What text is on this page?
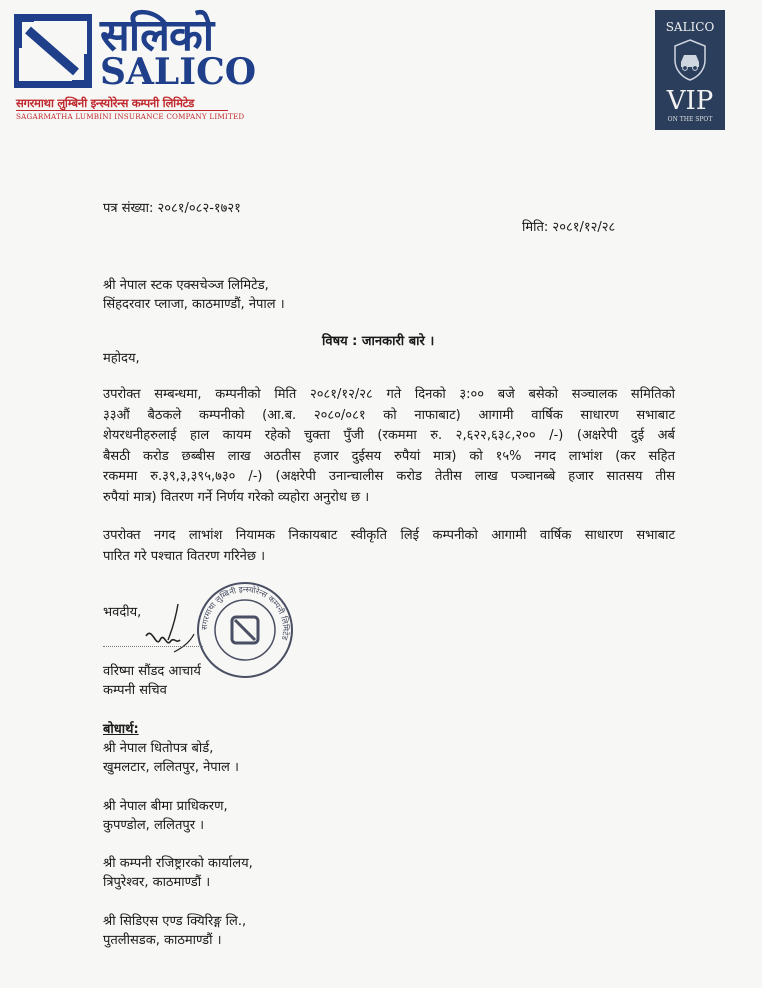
सलिको
SALICO
सगरमाथा लुम्बिनी इन्स्योरेन्स कम्पनी लिमिटेड
SAGARMATHA LUMBINI INSURANCE COMPANY LIMITED
SALICO
VIP
ON THE SPOT
पत्र संख्या: २०८१/०८२-१७२१
मिति: २०८१/१२/२८
श्री नेपाल स्टक एक्सचेञ्ज लिमिटेड,
सिंहदरवार प्लाजा, काठमाण्डौं, नेपाल ।
विषय : जानकारी बारे ।
महोदय,
उपरोक्त सम्बन्धमा, कम्पनीको मिति २०८१/१२/२८ गते दिनको ३:०० बजे बसेको सञ्चालक समितिको
३३औं बैठकले कम्पनीको (आ.ब. २०८०/०८१ को नाफाबाट) आगामी वार्षिक साधारण सभाबाट
शेयरधनीहरुलाई हाल कायम रहेको चुक्ता पुँजी (रकममा रु. २,६२२,६३८,२०० /-) (अक्षरेपी दुई अर्ब
बैसठी करोड छब्बीस लाख अठतीस हजार दुईसय रुपैयां मात्र) को १५% नगद लाभांश (कर सहित
रकममा रु.३९,३,३९५,७३० /-) (अक्षरेपी उनान्चालीस करोड तेतीस लाख पञ्चानब्बे हजार सातसय तीस
रुपैयां मात्र) वितरण गर्ने निर्णय गरेको व्यहोरा अनुरोध छ ।
उपरोक्त नगद लाभांश नियामक निकायबाट स्वीकृति लिई कम्पनीको आगामी वार्षिक साधारण सभाबाट
पारित गरे पश्चात वितरण गरिनेछ ।
भवदीय,
सगरमाथा लुम्बिनी इन्स्योरेन्स कम्पनी लिमिटेड
वरिष्मा सौंडद आचार्य
कम्पनी सचिव
बोधार्थ:
श्री नेपाल धितोपत्र बोर्ड,
खुमलटार, ललितपुर, नेपाल ।
श्री नेपाल बीमा प्राधिकरण,
कुपण्डोल, ललितपुर ।
श्री कम्पनी रजिष्ट्रारको कार्यालय,
त्रिपुरेश्वर, काठमाण्डौं ।
श्री सिडिएस एण्ड क्यिरिङ्ग लि.,
पुतलीसडक, काठमाण्डौं ।
